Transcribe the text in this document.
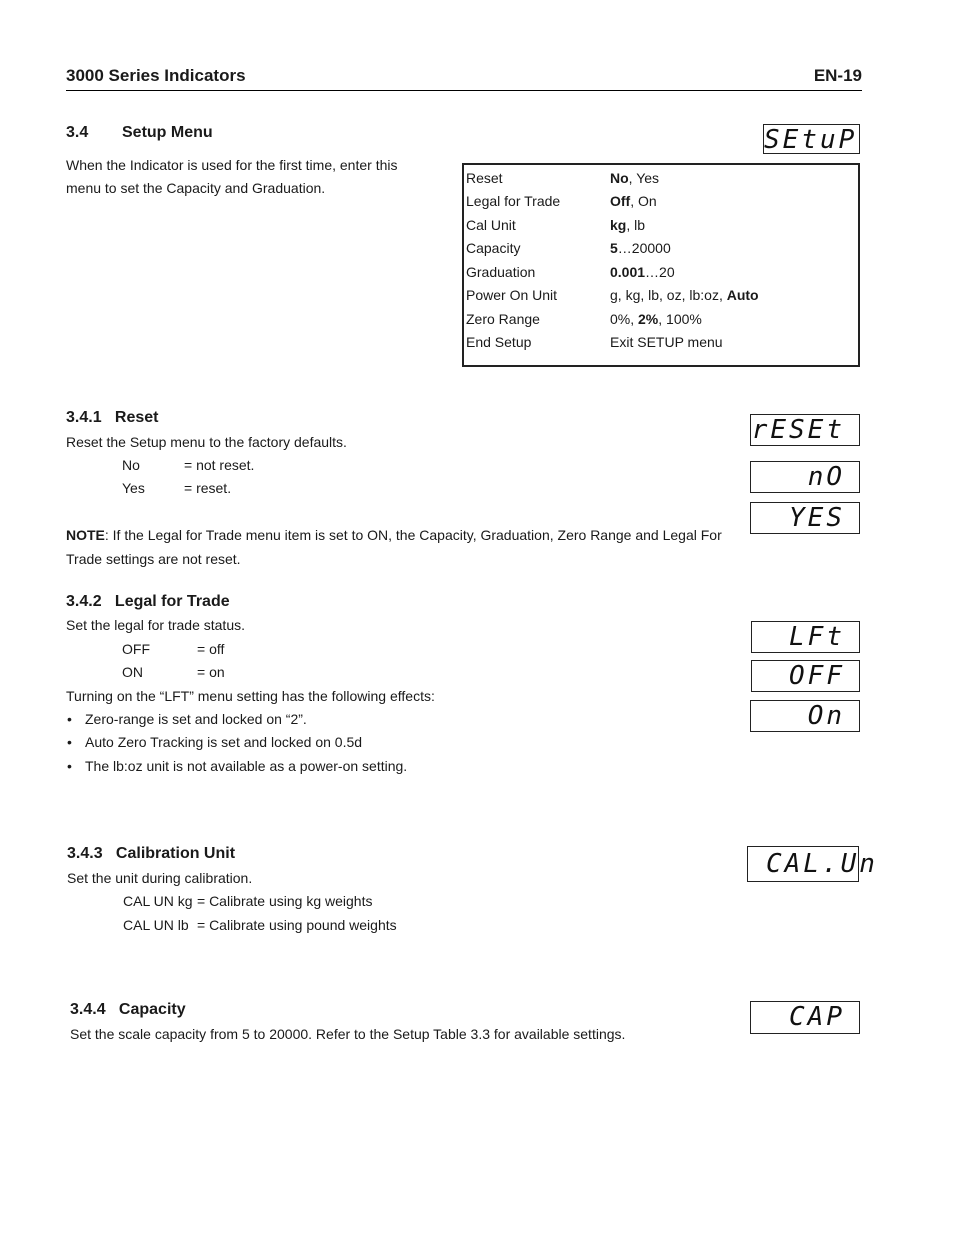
3000 Series Indicators	EN-19
3.4 Setup Menu	SEtuP
When the Indicator is used for the first time, enter this
menu to set the Capacity and Graduation.
Reset	No, Yes
Legal for Trade	Off, On
Cal Unit	kg, lb
Capacity	5…20000
Graduation	0.001…20
Power On Unit	g, kg, lb, oz, lb:oz, Auto
Zero Range	0%, 2%, 100%
End Setup	Exit SETUP menu
3.4.1   Reset
Reset the Setup menu to the factory defaults.
No	= not reset.
Yes	= reset.
NOTE: If the Legal for Trade menu item is set to ON, the Capacity, Graduation, Zero Range and Legal For
Trade settings are not reset.
rESEt
nO
YES
3.4.2   Legal for Trade
Set the legal for trade status.
OFF	= off
ON	= on
Turning on the “LFT” menu setting has the following effects:
• Zero-range is set and locked on “2”.
• Auto Zero Tracking is set and locked on 0.5d
• The lb:oz unit is not available as a power-on setting.
LFt
OFF
On
3.4.3   Calibration Unit
Set the unit during calibration.
CAL UN kg = Calibrate using kg weights
CAL UN lb = Calibrate using pound weights
CAL.Un
3.4.4   Capacity
Set the scale capacity from 5 to 20000. Refer to the Setup Table 3.3 for available settings.
CAP
